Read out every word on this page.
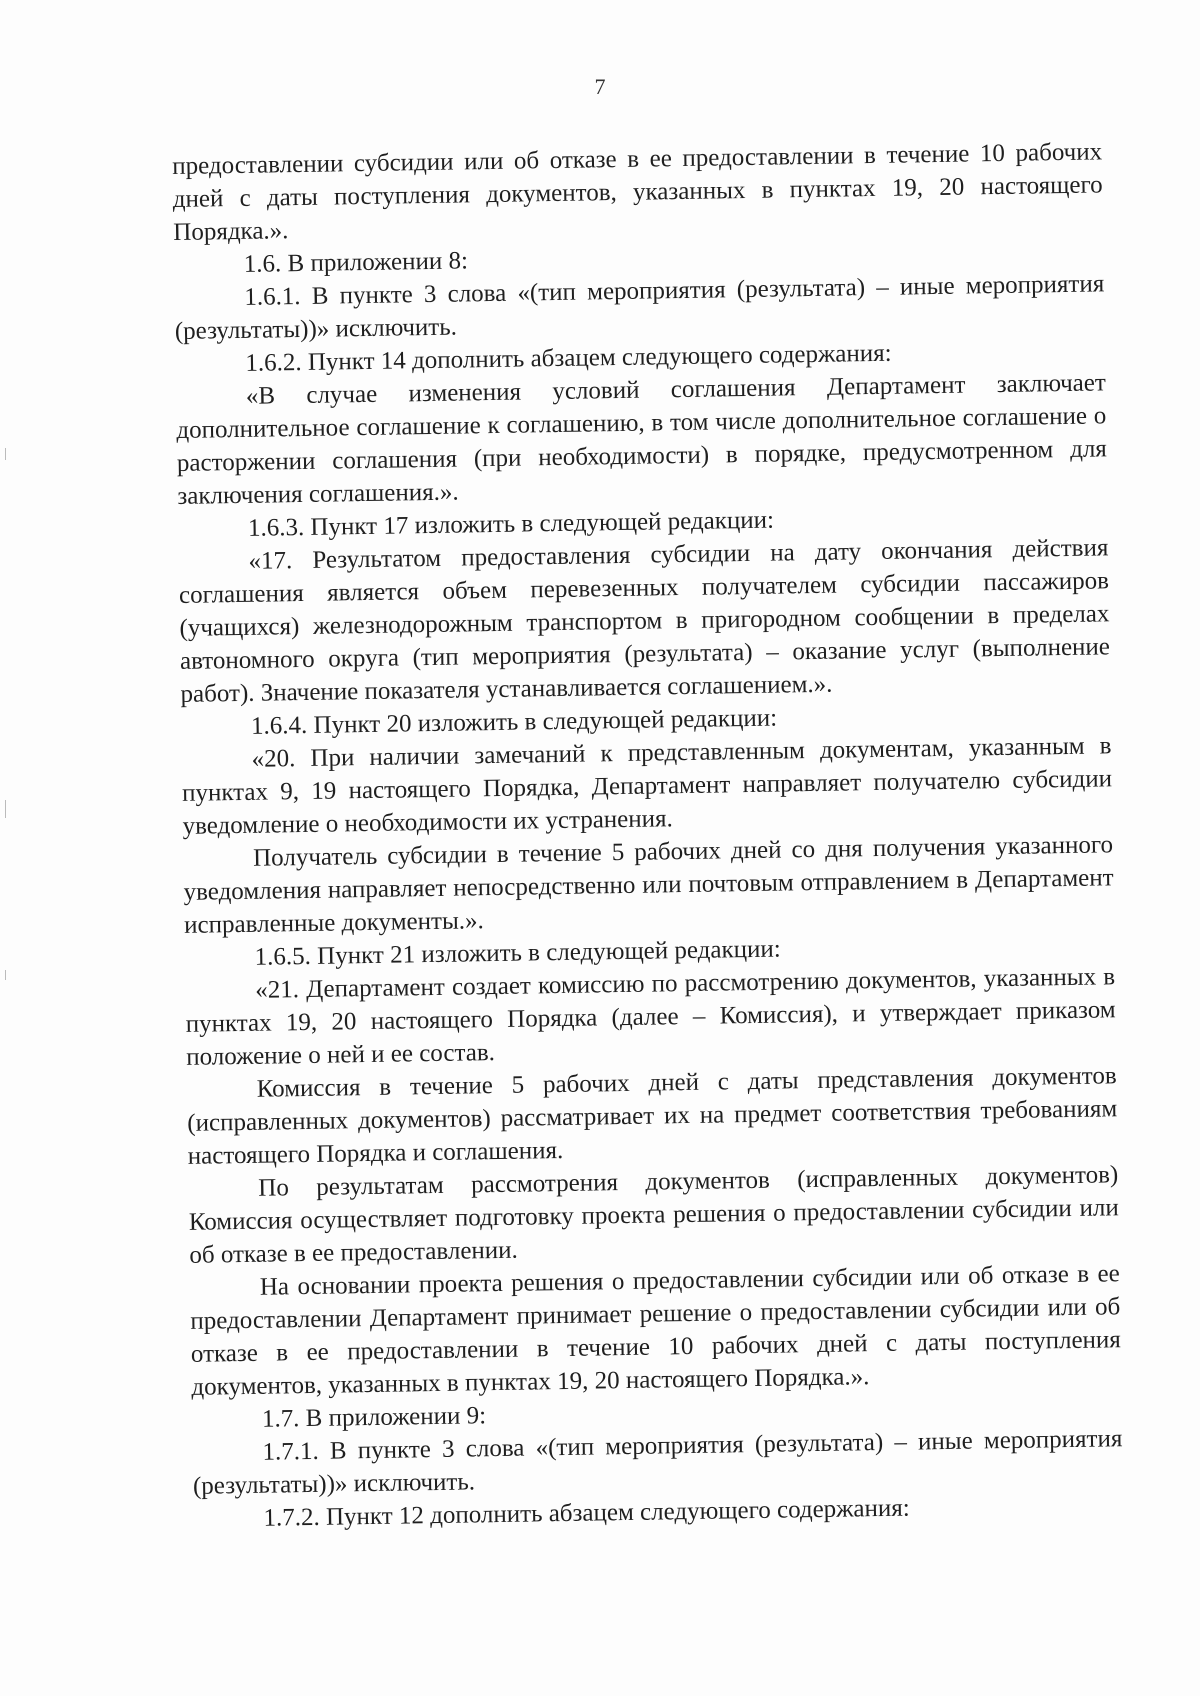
7

предоставлении субсидии или об отказе в ее предоставлении в течение 10 рабочих дней с даты поступления документов, указанных в пунктах 19, 20 настоящего Порядка.».

1.6. В приложении 8:

1.6.1. В пункте 3 слова «(тип мероприятия (результата) – иные мероприятия (результаты))» исключить.

1.6.2. Пункт 14 дополнить абзацем следующего содержания:

«В случае изменения условий соглашения Департамент заключает дополнительное соглашение к соглашению, в том числе дополнительное соглашение о расторжении соглашения (при необходимости) в порядке, предусмотренном для заключения соглашения.».

1.6.3. Пункт 17 изложить в следующей редакции:

«17. Результатом предоставления субсидии на дату окончания действия соглашения является объем перевезенных получателем субсидии пассажиров (учащихся) железнодорожным транспортом в пригородном сообщении в пределах автономного округа (тип мероприятия (результата) – оказание услуг (выполнение работ). Значение показателя устанавливается соглашением.».

1.6.4. Пункт 20 изложить в следующей редакции:

«20. При наличии замечаний к представленным документам, указанным в пунктах 9, 19 настоящего Порядка, Департамент направляет получателю субсидии уведомление о необходимости их устранения.

Получатель субсидии в течение 5 рабочих дней со дня получения указанного уведомления направляет непосредственно или почтовым отправлением в Департамент исправленные документы.».

1.6.5. Пункт 21 изложить в следующей редакции:

«21. Департамент создает комиссию по рассмотрению документов, указанных в пунктах 19, 20 настоящего Порядка (далее – Комиссия), и утверждает приказом положение о ней и ее состав.

Комиссия в течение 5 рабочих дней с даты представления документов (исправленных документов) рассматривает их на предмет соответствия требованиям настоящего Порядка и соглашения.

По результатам рассмотрения документов (исправленных документов) Комиссия осуществляет подготовку проекта решения о предоставлении субсидии или об отказе в ее предоставлении.

На основании проекта решения о предоставлении субсидии или об отказе в ее предоставлении Департамент принимает решение о предоставлении субсидии или об отказе в ее предоставлении в течение 10 рабочих дней с даты поступления документов, указанных в пунктах 19, 20 настоящего Порядка.».

1.7. В приложении 9:

1.7.1. В пункте 3 слова «(тип мероприятия (результата) – иные мероприятия (результаты))» исключить.

1.7.2. Пункт 12 дополнить абзацем следующего содержания:
